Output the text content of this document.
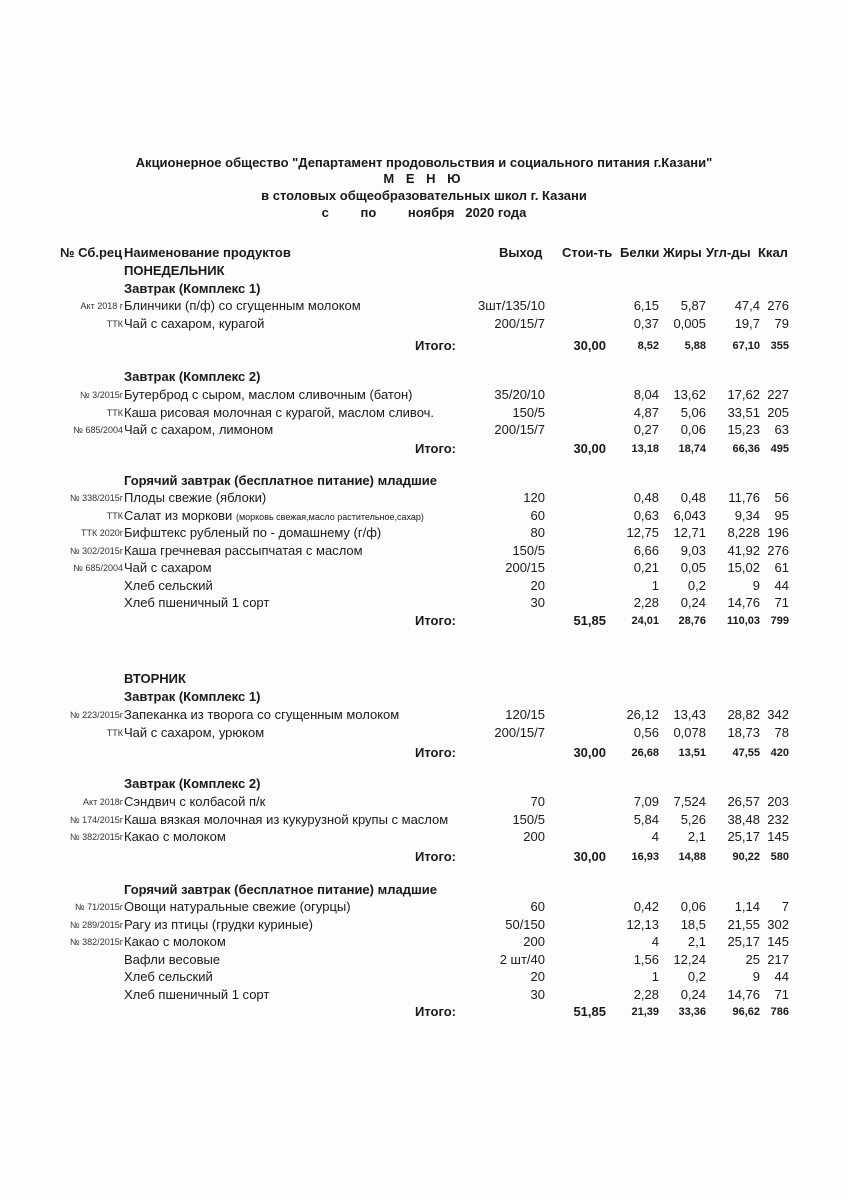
Акционерное общество "Департамент продовольствия и социального питания г.Казани"
М Е Н Ю
в столовых общеобразовательных школ г. Казани
с по ноября   2020 года
№ Сб.рец Наименование продуктов	Выход Стои-ть Белки Жиры Угл-ды Ккал
ПОНЕДЕЛЬНИК
Завтрак (Комплекс 1)
Акт 2018 г Блинчики (п/ф) со сгущенным молоком	3шт/135/10	6,15 5,87 47,4 276
ТТК Чай с сахаром, курагой	200/15/7	0,37 0,005 19,7 79
Итого:	30,00	8,52 5,88 67,10 355
Завтрак (Комплекс 2)
№ 3/2015г Бутерброд с сыром, маслом сливочным (батон)	35/20/10	8,04 13,62 17,62 227
ТТК Каша рисовая молочная с курагой, маслом сливоч.	150/5	4,87 5,06 33,51 205
№ 685/2004 Чай с сахаром, лимоном	200/15/7	0,27 0,06 15,23 63
Итого:	30,00 13,18 18,74 66,36 495
Горячий завтрак (бесплатное питание) младшие
№ 338/2015г Плоды свежие (яблоки)	120	0,48 0,48 11,76 56
ТТК Салат из моркови (морковь свежая,масло растительное,сахар)	60	0,63 6,043 9,34 95
ТТК 2020г Бифштекс рубленый по - домашнему (г/ф)	80	12,75 12,71 8,228 196
№ 302/2015г Каша гречневая рассыпчатая с маслом	150/5	6,66 9,03 41,92 276
№ 685/2004 Чай с сахаром	200/15	0,21 0,05 15,02 61
Хлеб сельский	20	1 0,2	9 44
Хлеб пшеничный 1 сорт	30	2,28 0,24 14,76 71
Итого:	51,85 24,01 28,76 110,03 799
ВТОРНИК
Завтрак (Комплекс 1)
№ 223/2015г Запеканка из творога со сгущенным молоком	120/15	26,12 13,43 28,82 342
ТТК Чай с сахаром, урюком	200/15/7	0,56 0,078 18,73 78
Итого:	30,00 26,68 13,51 47,55 420
Завтрак (Комплекс 2)
Акт 2018г Сэндвич с колбасой п/к	70	7,09 7,524 26,57 203
№ 174/2015г Каша вязкая молочная из кукурузной крупы с маслом	150/5	5,84 5,26 38,48 232
№ 382/2015г Какао с молоком	200	4 2,1 25,17 145
Итого:	30,00 16,93 14,88 90,22 580
Горячий завтрак (бесплатное питание) младшие
№ 71/2015г Овощи натуральные свежие (огурцы)	60	0,42 0,06 1,14 7
№ 289/2015г Рагу из птицы (грудки куриные)	50/150	12,13 18,5 21,55 302
№ 382/2015г Какао с молоком	200	4 2,1 25,17 145
Вафли весовые	2 шт/40	1,56 12,24	25 217
Хлеб сельский	20	1 0,2	9 44
Хлеб пшеничный 1 сорт	30	2,28 0,24 14,76 71
Итого:	51,85 21,39 33,36 96,62 786
